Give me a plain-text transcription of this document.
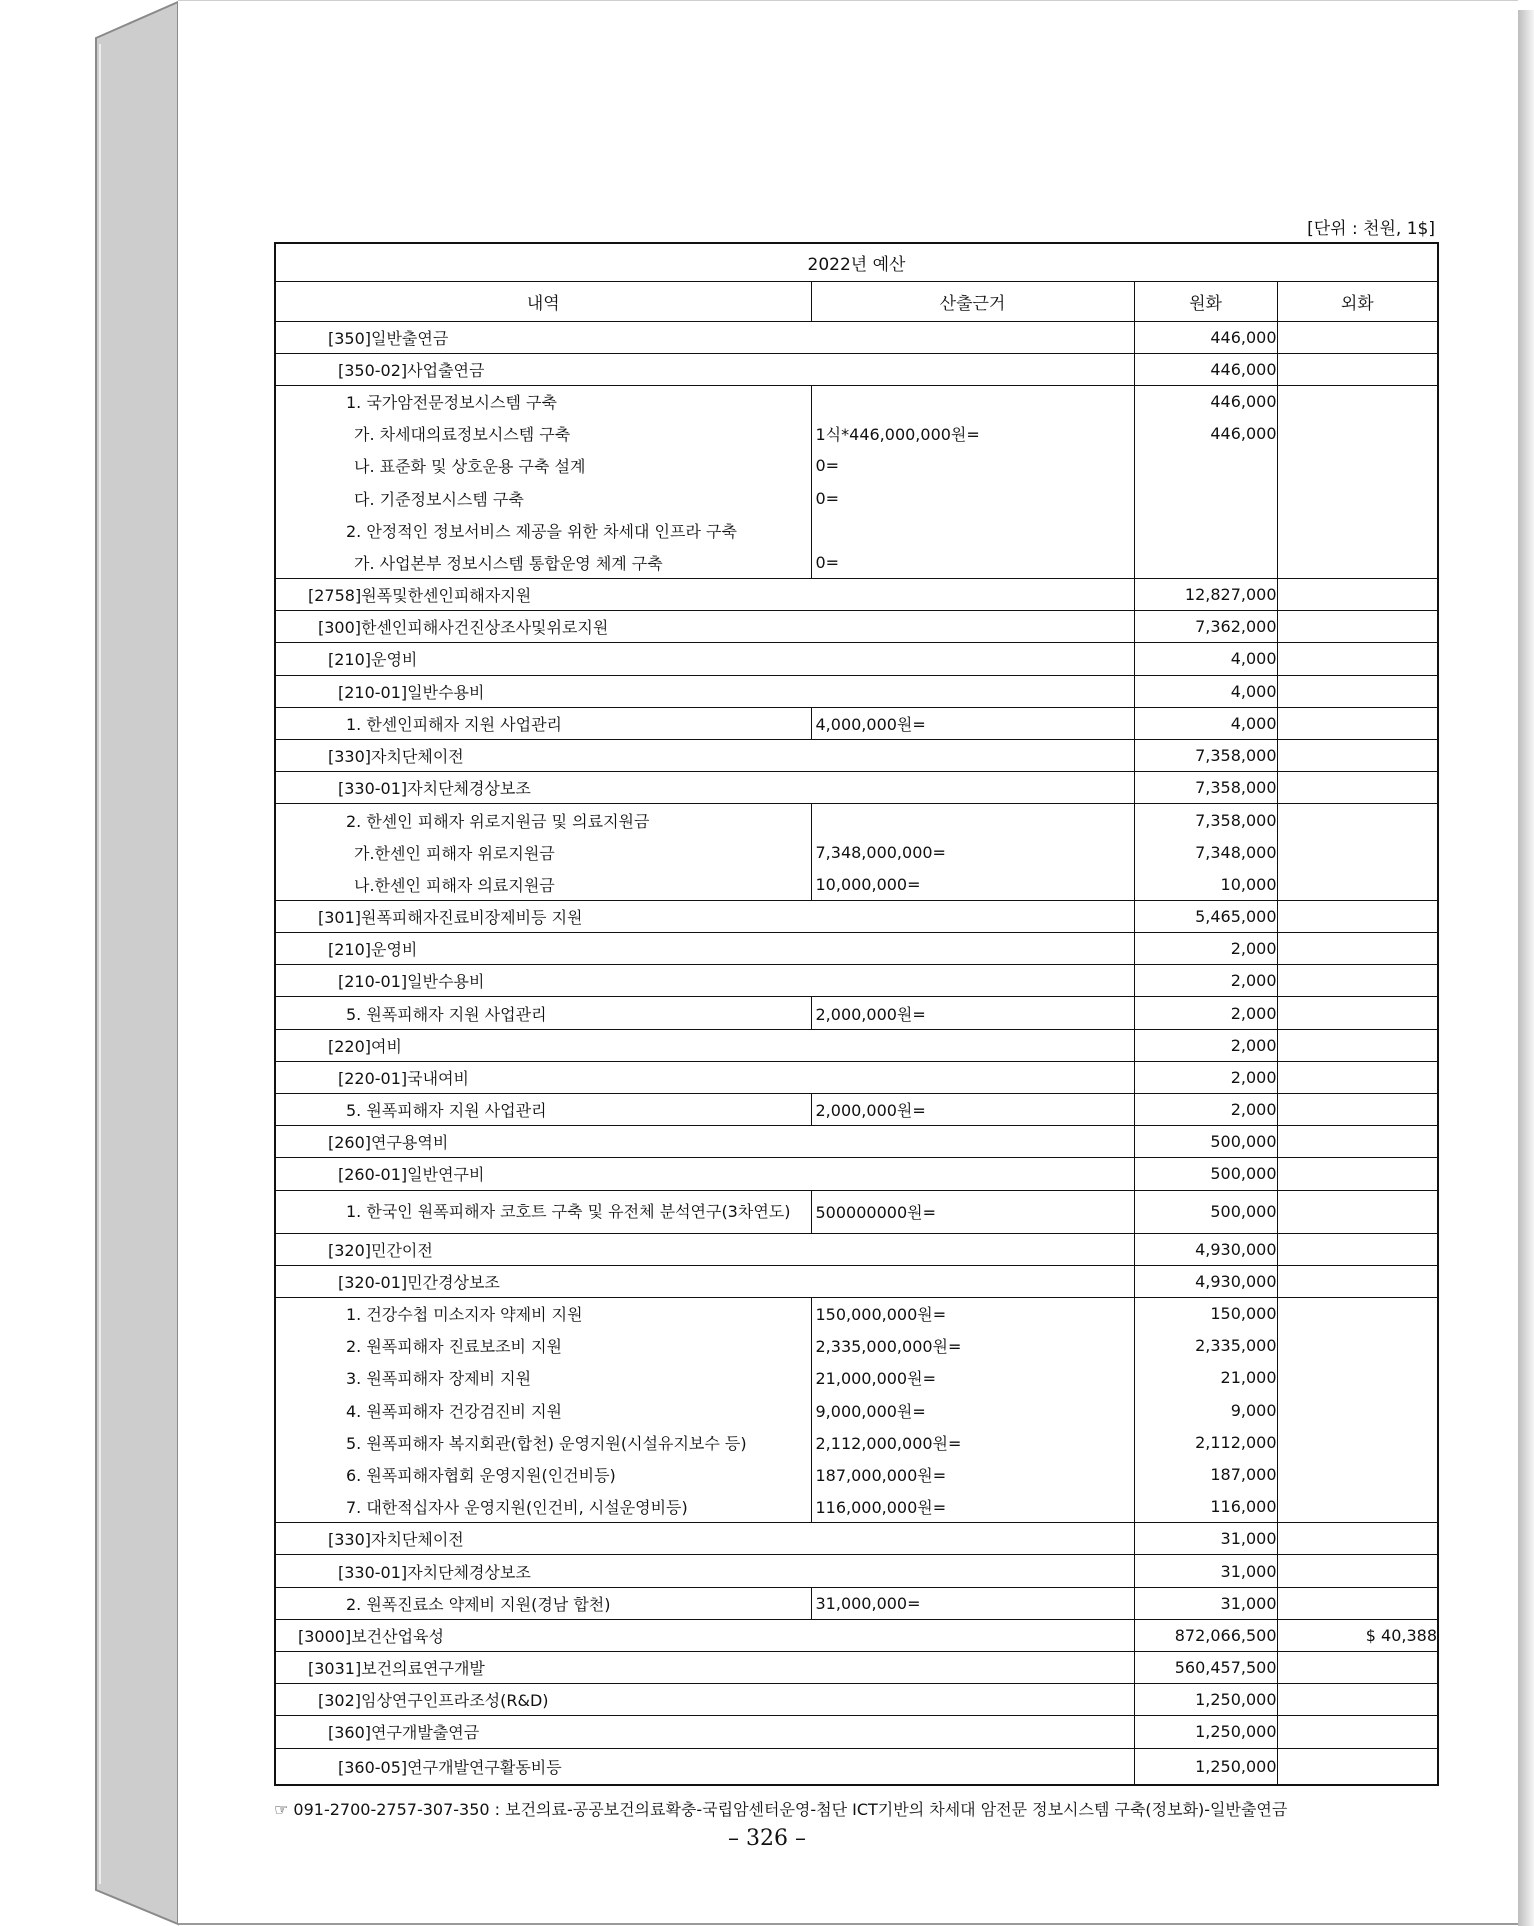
[단위 : 천원, 1$]
2022년 예산			
내역	산출근거	원화	외화
[350]일반출연금		446,000	
[350-02]사업출연금		446,000	
1. 국가암전문정보시스템 구축		446,000	
가. 차세대의료정보시스템 구축	1식*446,000,000원=	446,000	
나. 표준화 및 상호운용 구축 설계	0=		
다. 기준정보시스템 구축	0=		
2. 안정적인 정보서비스 제공을 위한 차세대 인프라 구축			
가. 사업본부 정보시스템 통합운영 체계 구축	0=		
[2758]원폭및한센인피해자지원		12,827,000	
[300]한센인피해사건진상조사및위로지원		7,362,000	
[210]운영비		4,000	
[210-01]일반수용비		4,000	
1. 한센인피해자 지원 사업관리	4,000,000원=	4,000	
[330]자치단체이전		7,358,000	
[330-01]자치단체경상보조		7,358,000	
2. 한센인 피해자 위로지원금 및 의료지원금		7,358,000	
가.한센인 피해자 위로지원금	7,348,000,000=	7,348,000	
나.한센인 피해자 의료지원금	10,000,000=	10,000	
[301]원폭피해자진료비장제비등 지원		5,465,000	
[210]운영비		2,000	
[210-01]일반수용비		2,000	
5. 원폭피해자 지원 사업관리	2,000,000원=	2,000	
[220]여비		2,000	
[220-01]국내여비		2,000	
5. 원폭피해자 지원 사업관리	2,000,000원=	2,000	
[260]연구용역비		500,000	
[260-01]일반연구비		500,000	
1. 한국인 원폭피해자 코호트 구축 및 유전체 분석연구(3차연도)	500000000원=	500,000	
[320]민간이전		4,930,000	
[320-01]민간경상보조		4,930,000	
1. 건강수첩 미소지자 약제비 지원	150,000,000원=	150,000	
2. 원폭피해자 진료보조비 지원	2,335,000,000원=	2,335,000	
3. 원폭피해자 장제비 지원	21,000,000원=	21,000	
4. 원폭피해자 건강검진비 지원	9,000,000원=	9,000	
5. 원폭피해자 복지회관(합천) 운영지원(시설유지보수 등)	2,112,000,000원=	2,112,000	
6. 원폭피해자협회 운영지원(인건비등)	187,000,000원=	187,000	
7. 대한적십자사 운영지원(인건비, 시설운영비등)	116,000,000원=	116,000	
[330]자치단체이전		31,000	
[330-01]자치단체경상보조		31,000	
2. 원폭진료소 약제비 지원(경남 합천)	31,000,000=	31,000	
[3000]보건산업육성		872,066,500	$ 40,388
[3031]보건의료연구개발		560,457,500	
[302]임상연구인프라조성(R&D)		1,250,000	
[360]연구개발출연금		1,250,000	
[360-05]연구개발연구활동비등		1,250,000	
☞ 091-2700-2757-307-350 : 보건의료-공공보건의료확충-국립암센터운영-첨단 ICT기반의 차세대 암전문 정보시스템 구축(정보화)-일반출연금
– 326 –
